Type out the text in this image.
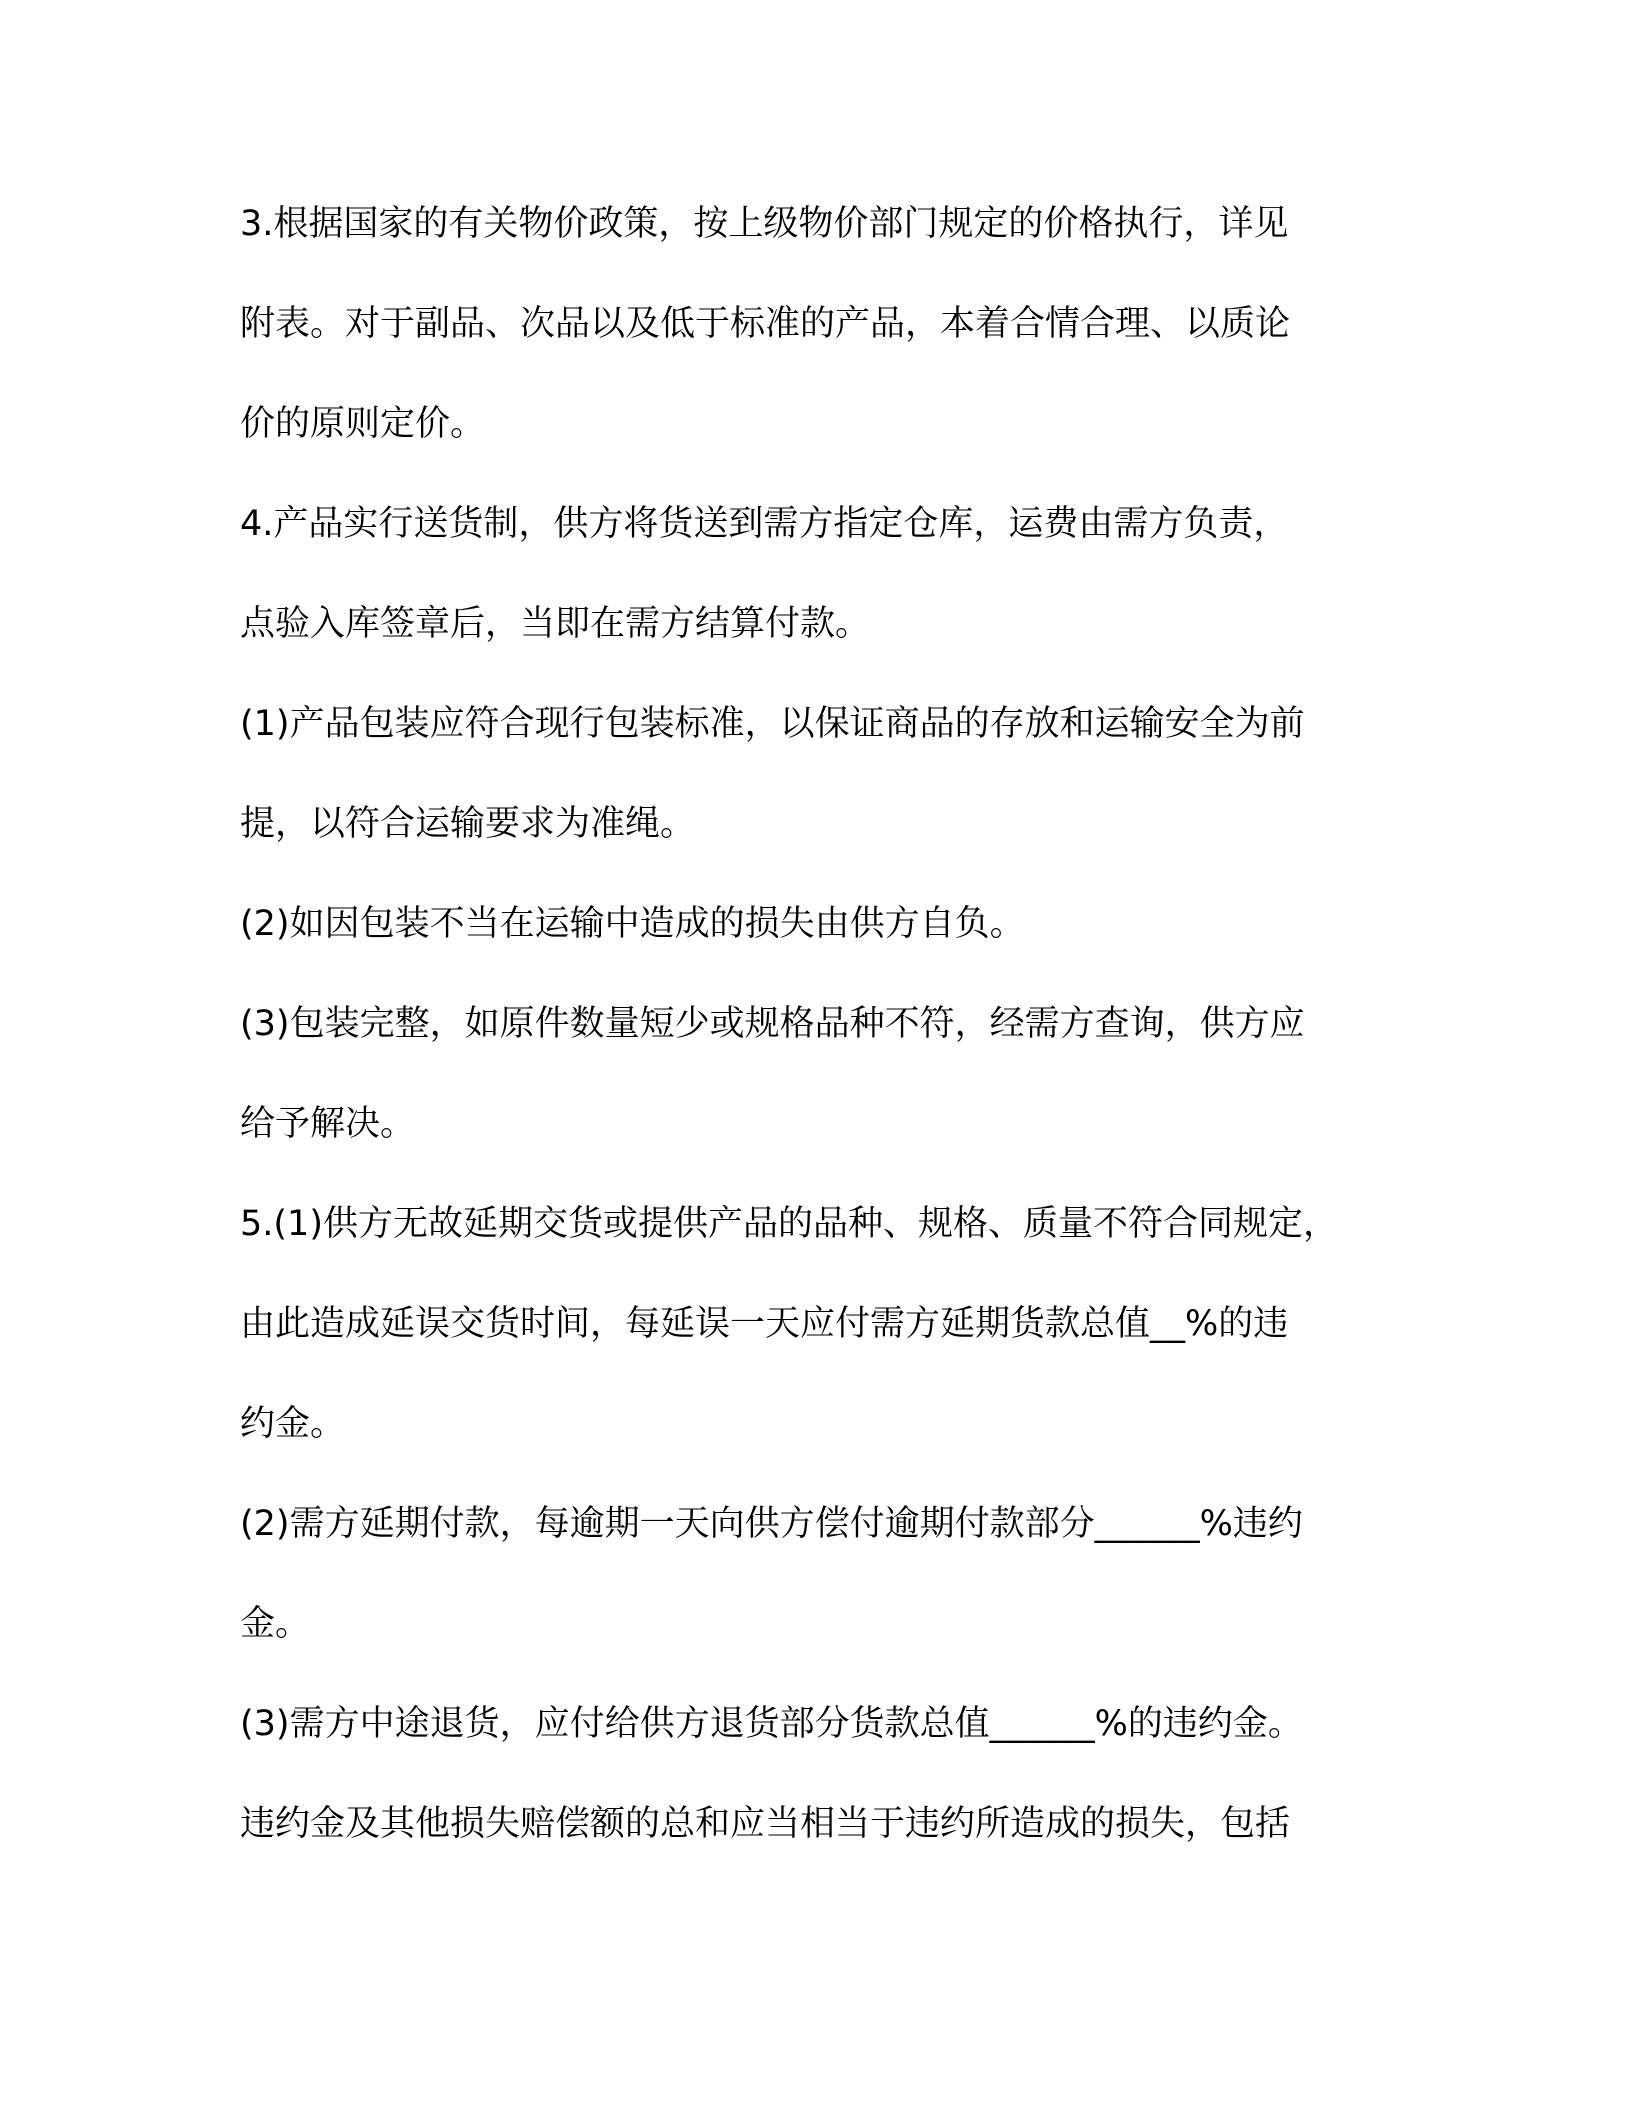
3.根据国家的有关物价政策，按上级物价部门规定的价格执行，详见
附表。对于副品、次品以及低于标准的产品，本着合情合理、以质论
价的原则定价。
4.产品实行送货制，供方将货送到需方指定仓库，运费由需方负责，
点验入库签章后，当即在需方结算付款。
(1)产品包装应符合现行包装标准，以保证商品的存放和运输安全为前
提，以符合运输要求为准绳。
(2)如因包装不当在运输中造成的损失由供方自负。
(3)包装完整，如原件数量短少或规格品种不符，经需方查询，供方应
给予解决。
5.(1)供方无故延期交货或提供产品的品种、规格、质量不符合同规定，
由此造成延误交货时间，每延误一天应付需方延期货款总值__%的违
约金。
(2)需方延期付款，每逾期一天向供方偿付逾期付款部分______%违约
金。
(3)需方中途退货，应付给供方退货部分货款总值______%的违约金。
违约金及其他损失赔偿额的总和应当相当于违约所造成的损失，包括
